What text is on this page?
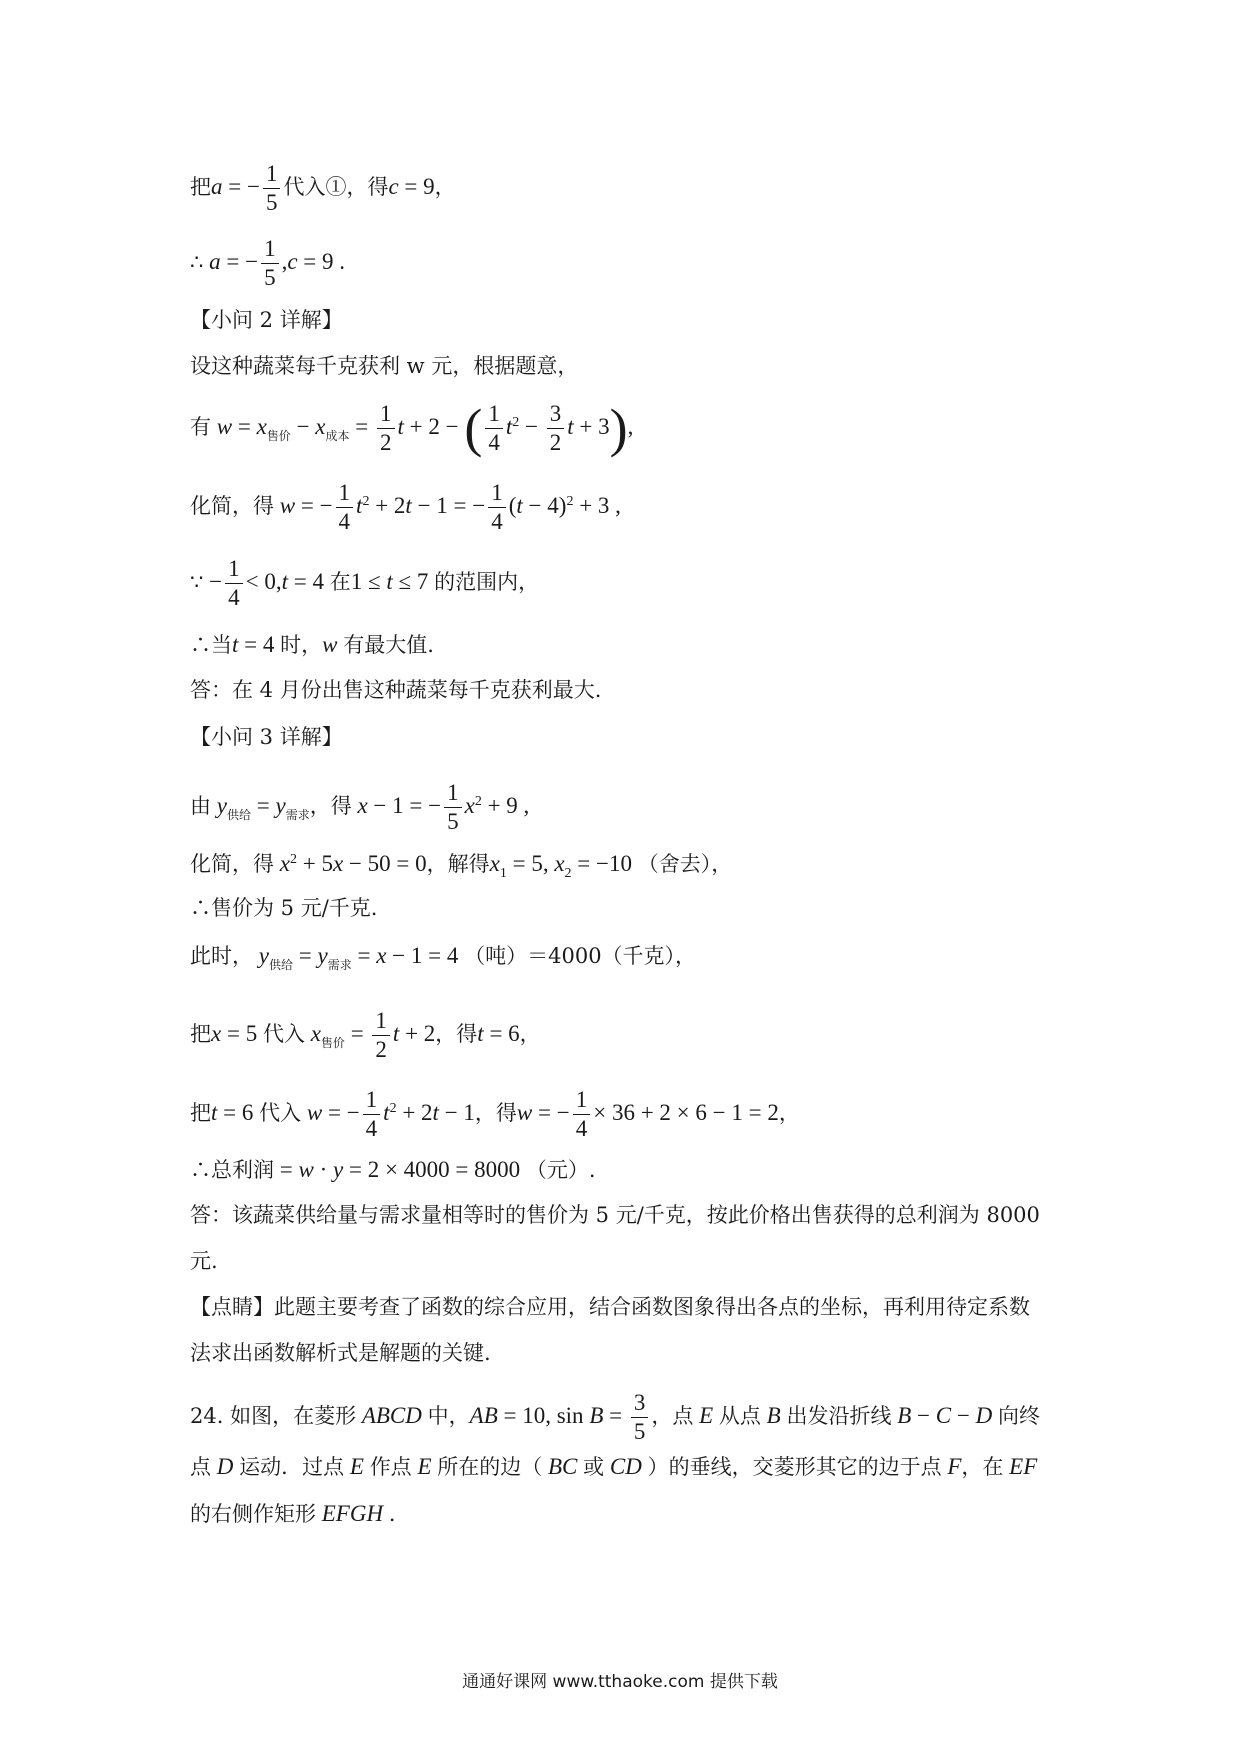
把a = − $\frac{1}{5}$ 代入①，得c = 9，
∴ a = − $\frac{1}{5} ,c = 9$ .
【小问 2 详解】
设这种蔬菜每千克获利 w 元，根据题意，
有 $w = x_{售价} - x_{成本} = \frac{1}{2}$ t + 2 − ( $\frac{1}{4} t^2 - \frac{3}{2}$ t + 3),
化简，得 w = − $\frac{1}{4} t^2 + 2t - 1$ = − $\frac{1}{4} (t - 4)^2 + 3$ ,
∵ − $\frac{1}{4} < 0,t = 4$ 在1 ≤ t ≤ 7 的范围内，
∴当t = 4 时，w 有最大值.
答：在 4 月份出售这种蔬菜每千克获利最大.
【小问 3 详解】
由 $y_{供给} = y_{需求}$，得 x − 1 = − $\frac{1}{5} x^2 + 9$ ,
化简，得 $x^2 + 5x - 50 = 0$，解得$x_1 = 5$, $x_2 = -10$ （舍去），
∴售价为 5 元/千克.
此时， $y_{供给} = y_{需求} = x - 1 = 4$ （吨）＝4000（千克），
把x = 5 代入 $x_{售价} = \frac{1}{2}$ t + 2，得t = 6，
把t = 6 代入 w = − $\frac{1}{4} t^2 + 2t - 1$，得w = − $\frac{1}{4} \times 36 + 2 \times 6 - 1 = 2$，
∴总利润 = w · y = 2 × 4000 = 8000 （元）.
答：该蔬菜供给量与需求量相等时的售价为 5 元/千克，按此价格出售获得的总利润为 8000
元.
【点睛】此题主要考查了函数的综合应用，结合函数图象得出各点的坐标，再利用待定系数
法求出函数解析式是解题的关键.
24. 如图，在菱形 ABCD 中，AB = 10, $\sin B = \frac{3}{5}$ ，点 E 从点 B 出发沿折线 B − C − D 向终
点 D 运动．过点 E 作点 E 所在的边（ BC 或 CD ）的垂线，交菱形其它的边于点 F，在 EF
的右侧作矩形 EFGH ．
通通好课网 www.tthaoke.com 提供下载
